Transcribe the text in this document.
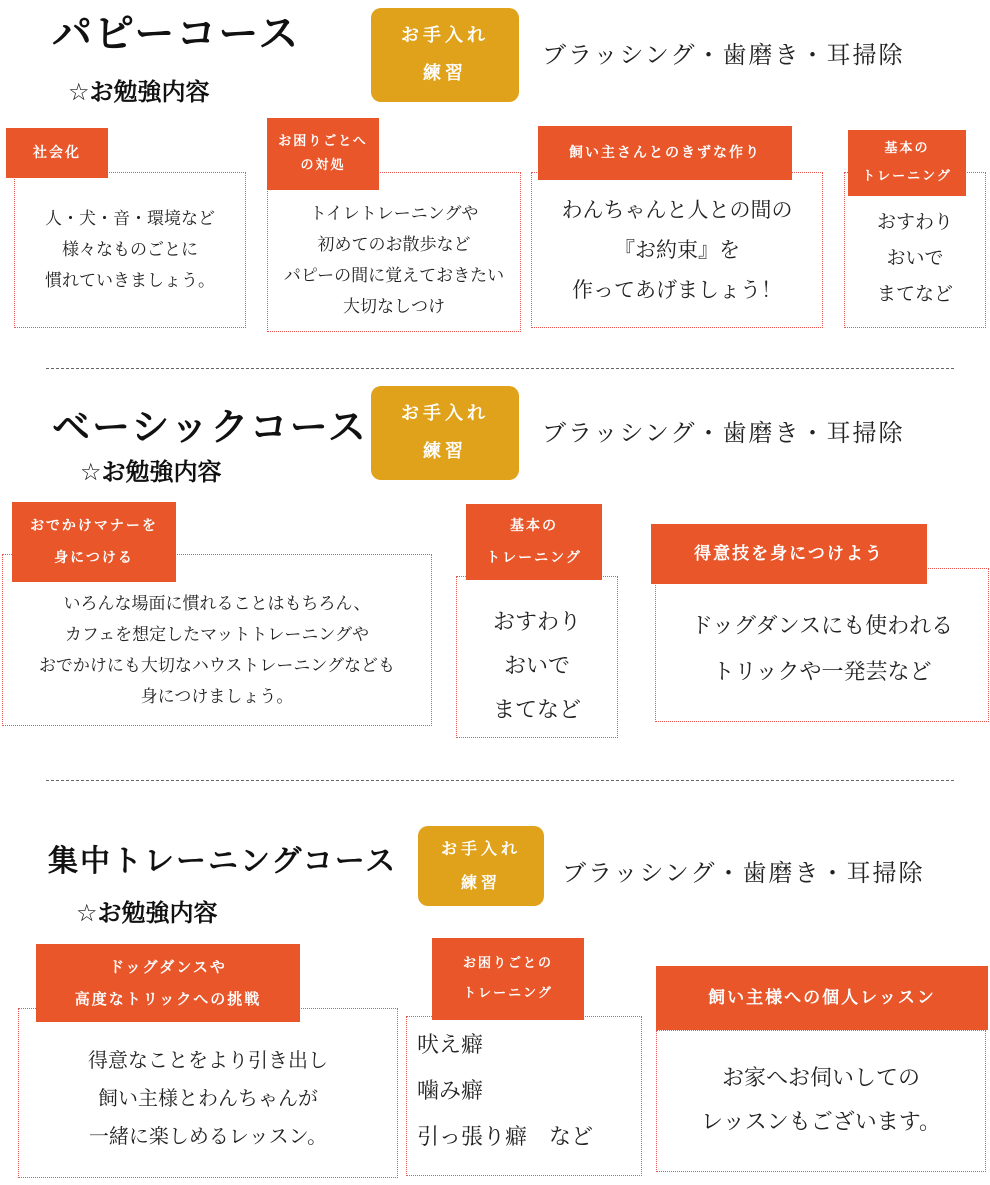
パピーコース
☆お勉強内容
お手入れ
練習
ブラッシング・歯磨き・耳掃除
人・犬・音・環境など
様々なものごとに
慣れていきましょう。
社会化
トイレトレーニングや
初めてのお散歩など
パピーの間に覚えておきたい
大切なしつけ
お困りごとへ
の対処
わんちゃんと人との間の
『お約束』を
作ってあげましょう！
飼い主さんとのきずな作り
おすわり
おいで
まてなど
基本の
トレーニング
ベーシックコース
☆お勉強内容
お手入れ
練習
ブラッシング・歯磨き・耳掃除
いろんな場面に慣れることはもちろん、
カフェを想定したマットトレーニングや
おでかけにも大切なハウストレーニングなども
身につけましょう。
おでかけマナーを
身につける
おすわり
おいで
まてなど
基本の
トレーニング
ドッグダンスにも使われる
トリックや一発芸など
得意技を身につけよう
集中トレーニングコース
☆お勉強内容
お手入れ
練習	ブラッシング・歯磨き・耳掃除
得意なことをより引き出し
飼い主様とわんちゃんが
一緒に楽しめるレッスン。
ドッグダンスや
高度なトリックへの挑戦
吠え癖
噛み癖
引っ張り癖　など
お困りごとの
トレーニング
お家へお伺いしての
レッスンもございます。
飼い主様への個人レッスン
